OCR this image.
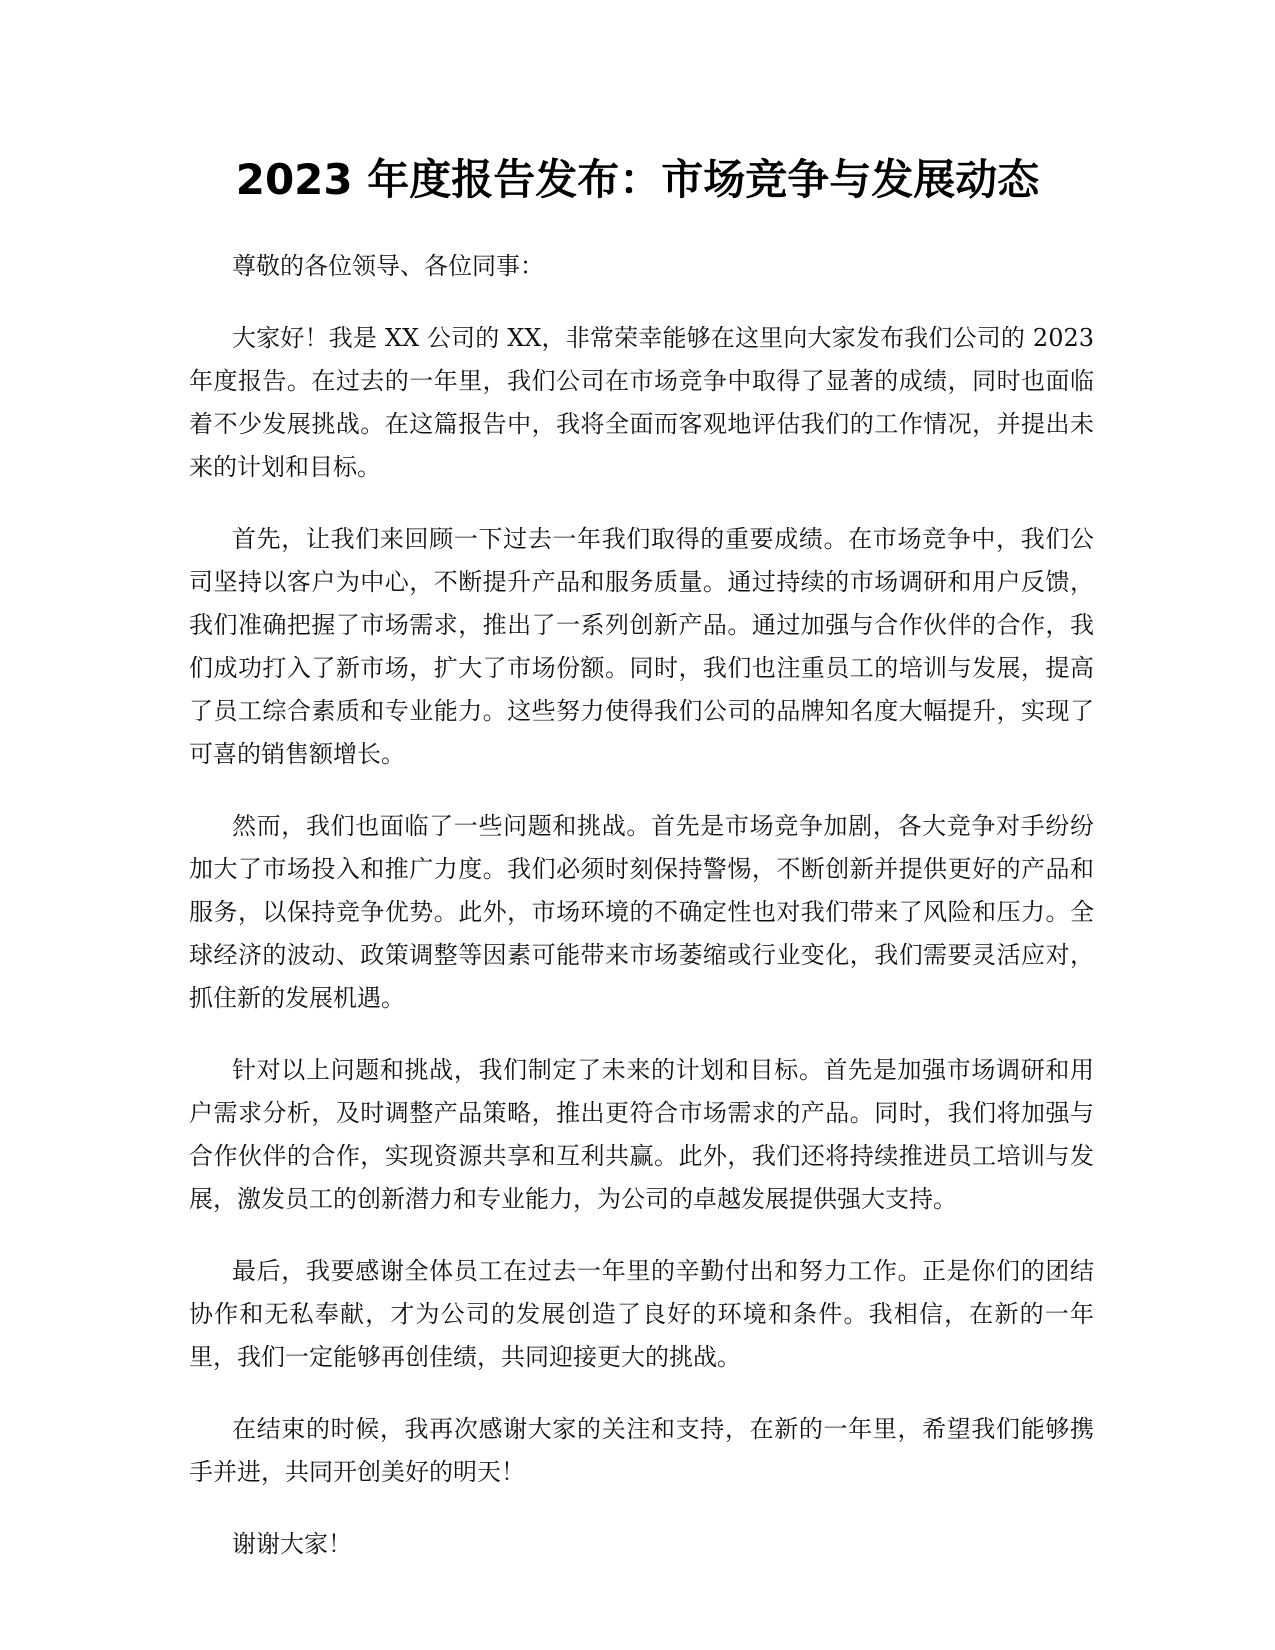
2023 年度报告发布：市场竞争与发展动态

尊敬的各位领导、各位同事：

大家好！我是 XX 公司的 XX，非常荣幸能够在这里向大家发布我们公司的 2023 年度报告。在过去的一年里，我们公司在市场竞争中取得了显著的成绩，同时也面临着不少发展挑战。在这篇报告中，我将全面而客观地评估我们的工作情况，并提出未来的计划和目标。

首先，让我们来回顾一下过去一年我们取得的重要成绩。在市场竞争中，我们公司坚持以客户为中心，不断提升产品和服务质量。通过持续的市场调研和用户反馈，我们准确把握了市场需求，推出了一系列创新产品。通过加强与合作伙伴的合作，我们成功打入了新市场，扩大了市场份额。同时，我们也注重员工的培训与发展，提高了员工综合素质和专业能力。这些努力使得我们公司的品牌知名度大幅提升，实现了可喜的销售额增长。

然而，我们也面临了一些问题和挑战。首先是市场竞争加剧，各大竞争对手纷纷加大了市场投入和推广力度。我们必须时刻保持警惕，不断创新并提供更好的产品和服务，以保持竞争优势。此外，市场环境的不确定性也对我们带来了风险和压力。全球经济的波动、政策调整等因素可能带来市场萎缩或行业变化，我们需要灵活应对，抓住新的发展机遇。

针对以上问题和挑战，我们制定了未来的计划和目标。首先是加强市场调研和用户需求分析，及时调整产品策略，推出更符合市场需求的产品。同时，我们将加强与合作伙伴的合作，实现资源共享和互利共赢。此外，我们还将持续推进员工培训与发展，激发员工的创新潜力和专业能力，为公司的卓越发展提供强大支持。

最后，我要感谢全体员工在过去一年里的辛勤付出和努力工作。正是你们的团结协作和无私奉献，才为公司的发展创造了良好的环境和条件。我相信，在新的一年里，我们一定能够再创佳绩，共同迎接更大的挑战。

在结束的时候，我再次感谢大家的关注和支持，在新的一年里，希望我们能够携手并进，共同开创美好的明天！

谢谢大家！
